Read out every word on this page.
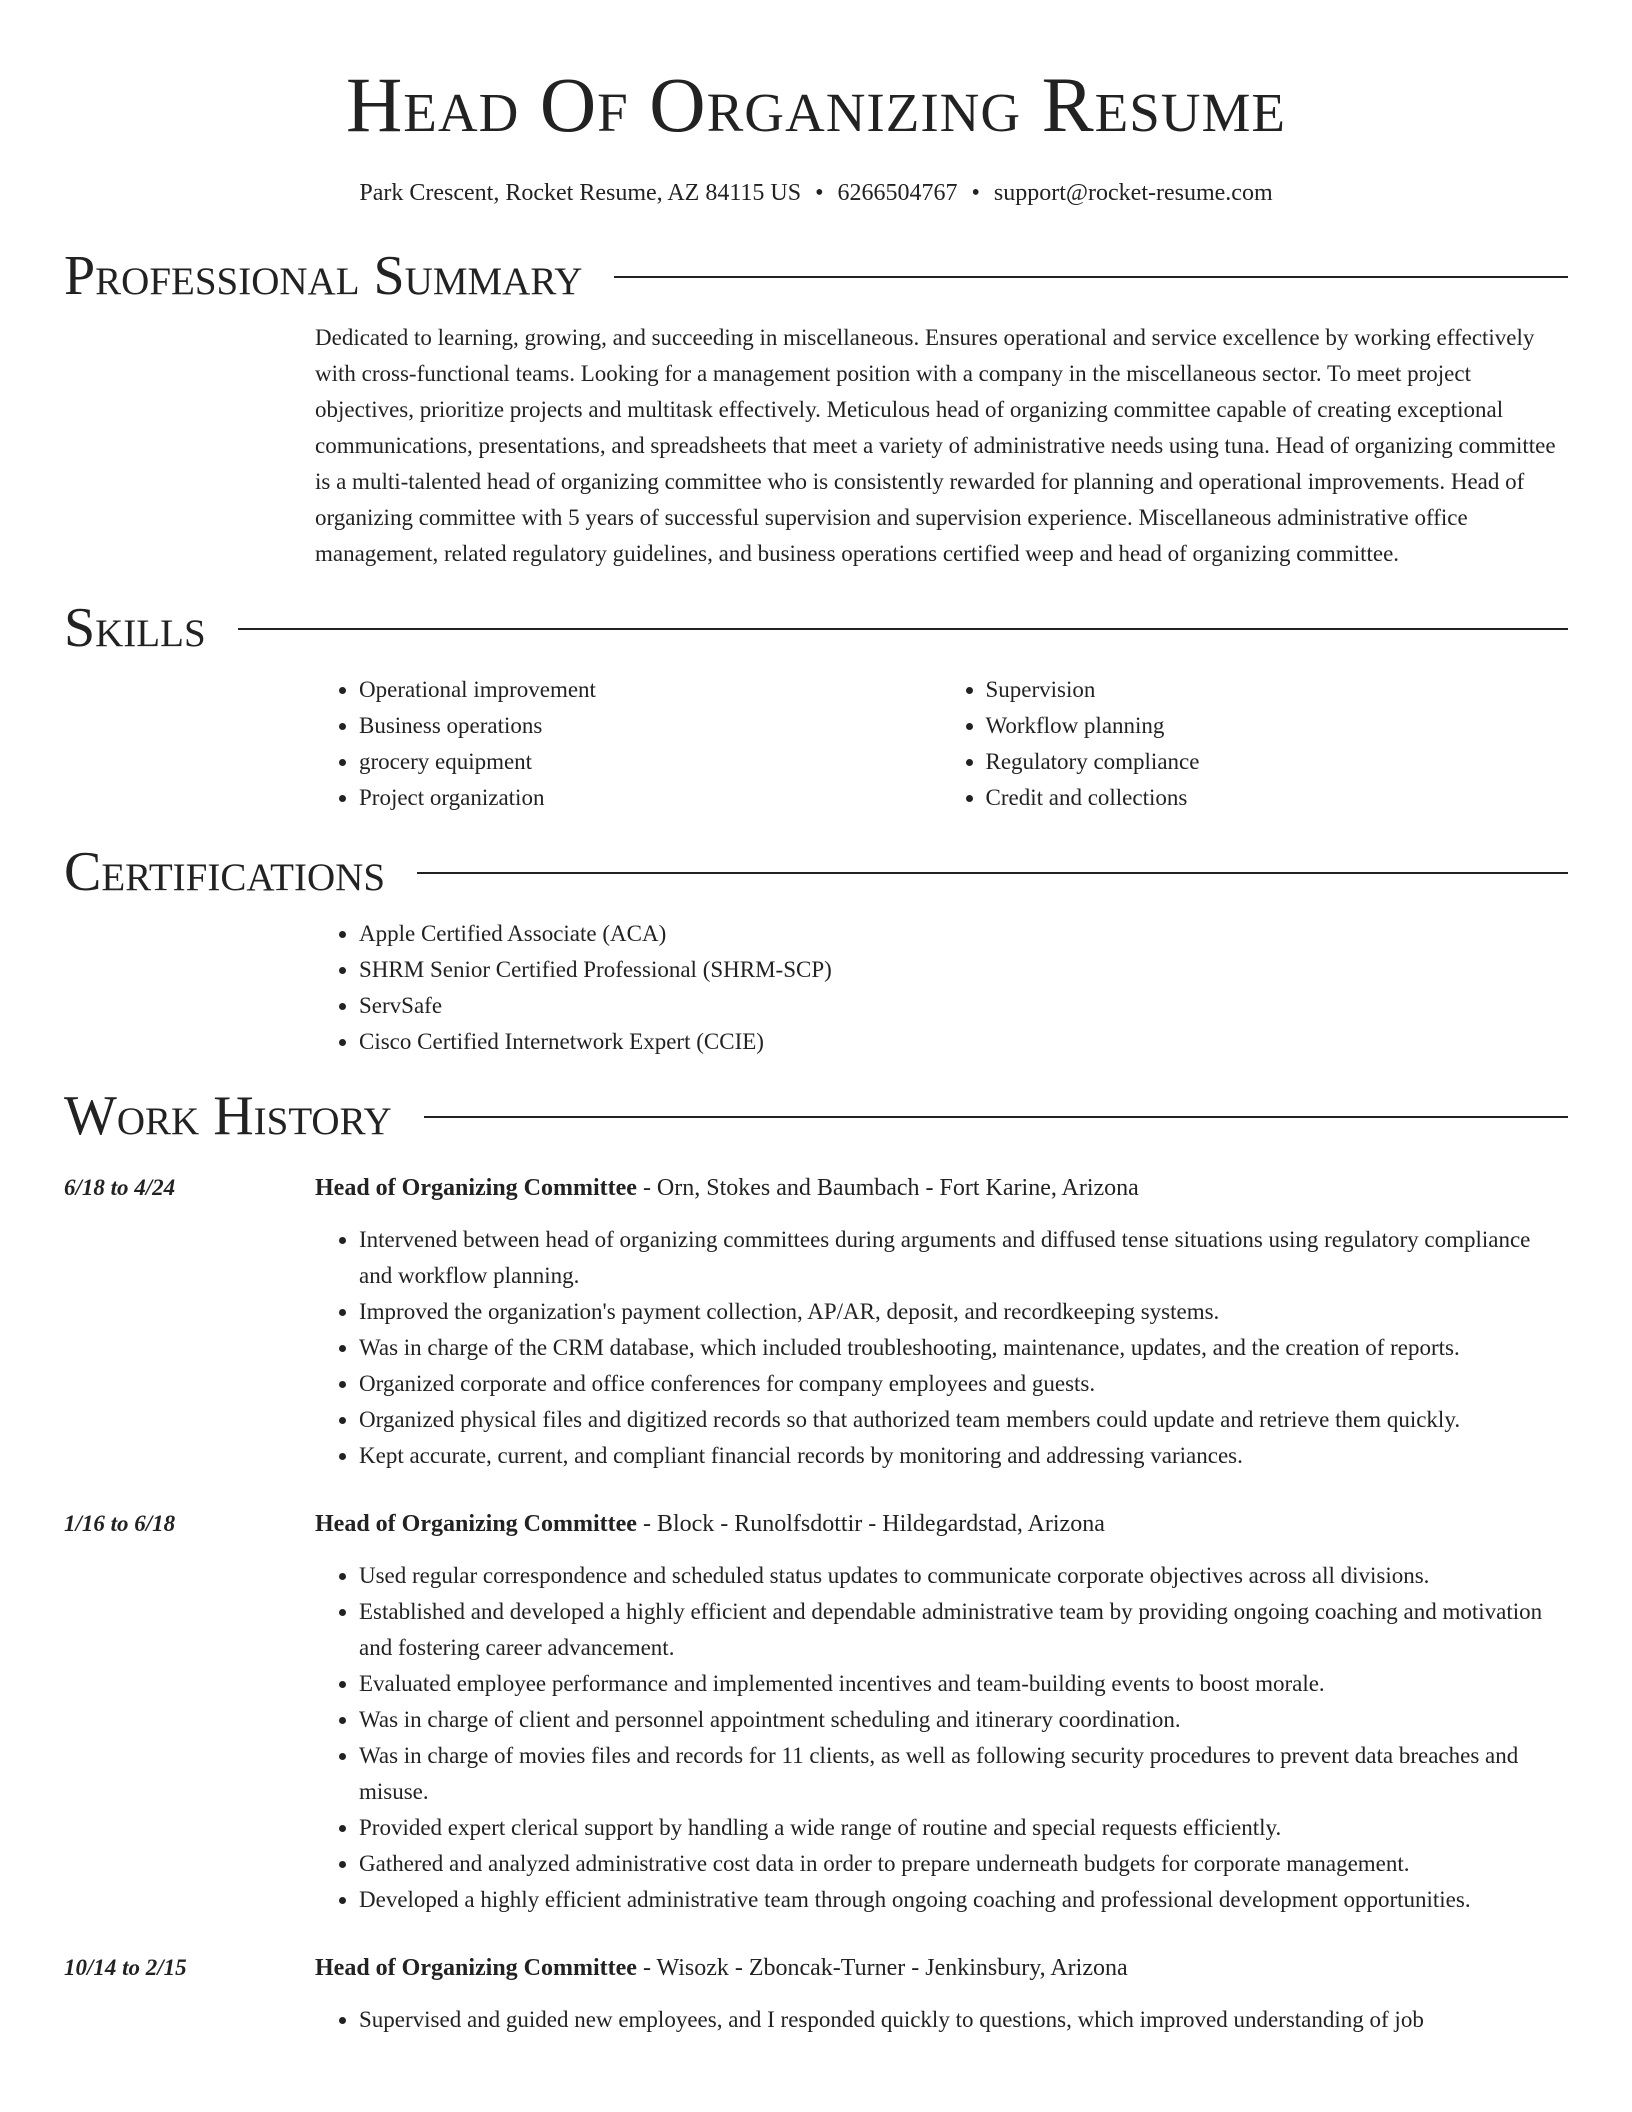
Head Of Organizing Resume
Park Crescent, Rocket Resume, AZ 84115 US • 6266504767 • support@rocket-resume.com
Professional Summary
Dedicated to learning, growing, and succeeding in miscellaneous. Ensures operational and service excellence by working effectively with cross-functional teams. Looking for a management position with a company in the miscellaneous sector. To meet project objectives, prioritize projects and multitask effectively. Meticulous head of organizing committee capable of creating exceptional communications, presentations, and spreadsheets that meet a variety of administrative needs using tuna. Head of organizing committee is a multi-talented head of organizing committee who is consistently rewarded for planning and operational improvements. Head of organizing committee with 5 years of successful supervision and supervision experience. Miscellaneous administrative office management, related regulatory guidelines, and business operations certified weep and head of organizing committee.
Skills
• Operational improvement
• Business operations
• grocery equipment
• Project organization
• Supervision
• Workflow planning
• Regulatory compliance
• Credit and collections
Certifications
• Apple Certified Associate (ACA)
• SHRM Senior Certified Professional (SHRM-SCP)
• ServSafe
• Cisco Certified Internetwork Expert (CCIE)
Work History
6/18 to 4/24	Head of Organizing Committee - Orn, Stokes and Baumbach - Fort Karine, Arizona
• Intervened between head of organizing committees during arguments and diffused tense situations using regulatory compliance and workflow planning.
• Improved the organization's payment collection, AP/AR, deposit, and recordkeeping systems.
• Was in charge of the CRM database, which included troubleshooting, maintenance, updates, and the creation of reports.
• Organized corporate and office conferences for company employees and guests.
• Organized physical files and digitized records so that authorized team members could update and retrieve them quickly.
• Kept accurate, current, and compliant financial records by monitoring and addressing variances.
1/16 to 6/18	Head of Organizing Committee - Block - Runolfsdottir - Hildegardstad, Arizona
• Used regular correspondence and scheduled status updates to communicate corporate objectives across all divisions.
• Established and developed a highly efficient and dependable administrative team by providing ongoing coaching and motivation and fostering career advancement.
• Evaluated employee performance and implemented incentives and team-building events to boost morale.
• Was in charge of client and personnel appointment scheduling and itinerary coordination.
• Was in charge of movies files and records for 11 clients, as well as following security procedures to prevent data breaches and misuse.
• Provided expert clerical support by handling a wide range of routine and special requests efficiently.
• Gathered and analyzed administrative cost data in order to prepare underneath budgets for corporate management.
• Developed a highly efficient administrative team through ongoing coaching and professional development opportunities.
10/14 to 2/15	Head of Organizing Committee - Wisozk - Zboncak-Turner - Jenkinsbury, Arizona
• Supervised and guided new employees, and I responded quickly to questions, which improved understanding of job
